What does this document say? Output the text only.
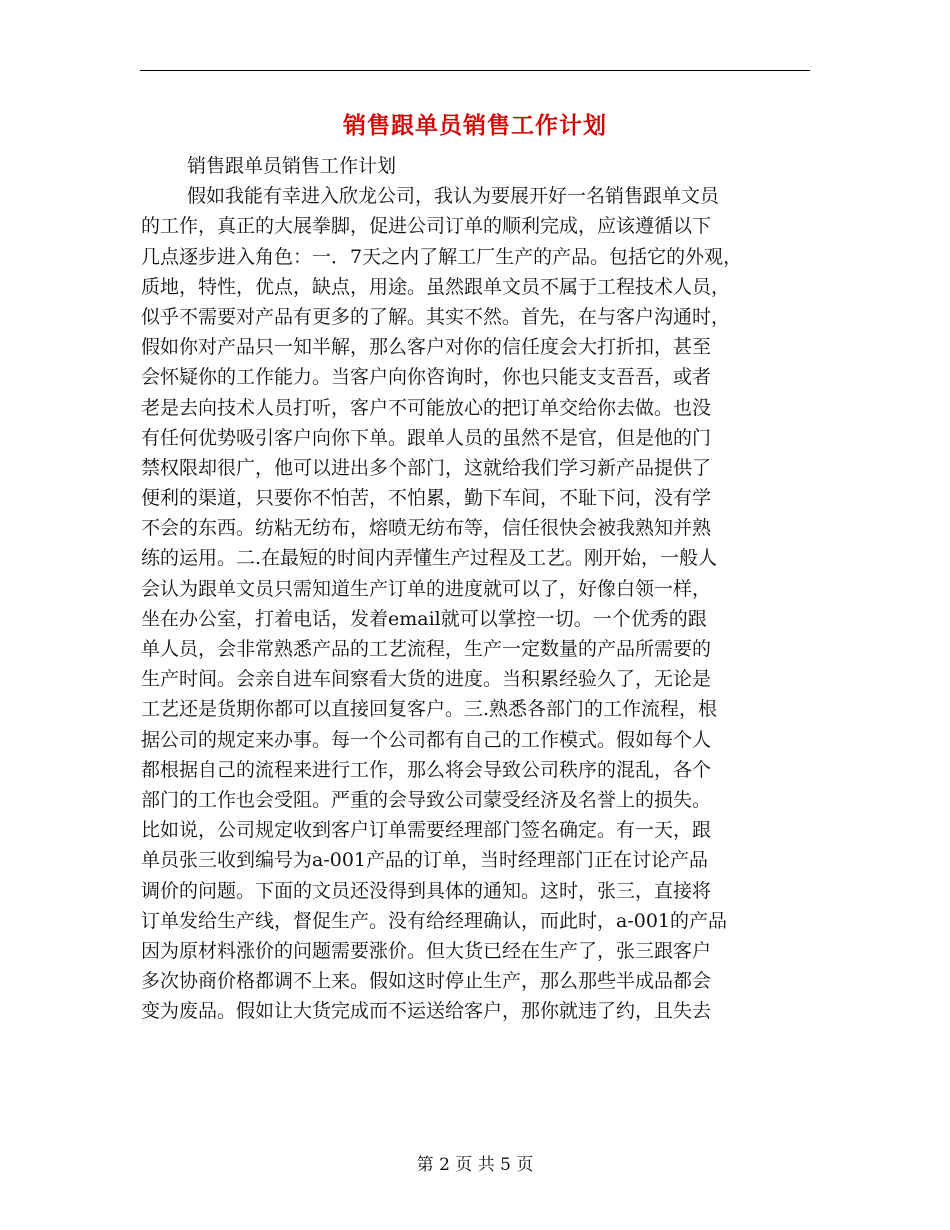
销售跟单员销售工作计划
销售跟单员销售工作计划
假如我能有幸进入欣龙公司，我认为要展开好一名销售跟单文员
的工作，真正的大展拳脚，促进公司订单的顺利完成，应该遵循以下
几点逐步进入角色：一．7天之内了解工厂生产的产品。包括它的外观，
质地，特性，优点，缺点，用途。虽然跟单文员不属于工程技术人员，
似乎不需要对产品有更多的了解。其实不然。首先，在与客户沟通时，
假如你对产品只一知半解，那么客户对你的信任度会大打折扣，甚至
会怀疑你的工作能力。当客户向你咨询时，你也只能支支吾吾，或者
老是去向技术人员打听，客户不可能放心的把订单交给你去做。也没
有任何优势吸引客户向你下单。跟单人员的虽然不是官，但是他的门
禁权限却很广，他可以进出多个部门，这就给我们学习新产品提供了
便利的渠道，只要你不怕苦，不怕累，勤下车间，不耻下问，没有学
不会的东西。纺粘无纺布，熔喷无纺布等，信任很快会被我熟知并熟
练的运用。二.在最短的时间内弄懂生产过程及工艺。刚开始，一般人
会认为跟单文员只需知道生产订单的进度就可以了，好像白领一样，
坐在办公室，打着电话，发着email就可以掌控一切。一个优秀的跟
单人员，会非常熟悉产品的工艺流程，生产一定数量的产品所需要的
生产时间。会亲自进车间察看大货的进度。当积累经验久了，无论是
工艺还是货期你都可以直接回复客户。三.熟悉各部门的工作流程，根
据公司的规定来办事。每一个公司都有自己的工作模式。假如每个人
都根据自己的流程来进行工作，那么将会导致公司秩序的混乱，各个
部门的工作也会受阻。严重的会导致公司蒙受经济及名誉上的损失。
比如说，公司规定收到客户订单需要经理部门签名确定。有一天，跟
单员张三收到编号为a-001产品的订单，当时经理部门正在讨论产品
调价的问题。下面的文员还没得到具体的通知。这时，张三，直接将
订单发给生产线，督促生产。没有给经理确认，而此时，a-001的产品
因为原材料涨价的问题需要涨价。但大货已经在生产了，张三跟客户
多次协商价格都调不上来。假如这时停止生产，那么那些半成品都会
变为废品。假如让大货完成而不运送给客户，那你就违了约，且失去
第 2 页 共 5 页
